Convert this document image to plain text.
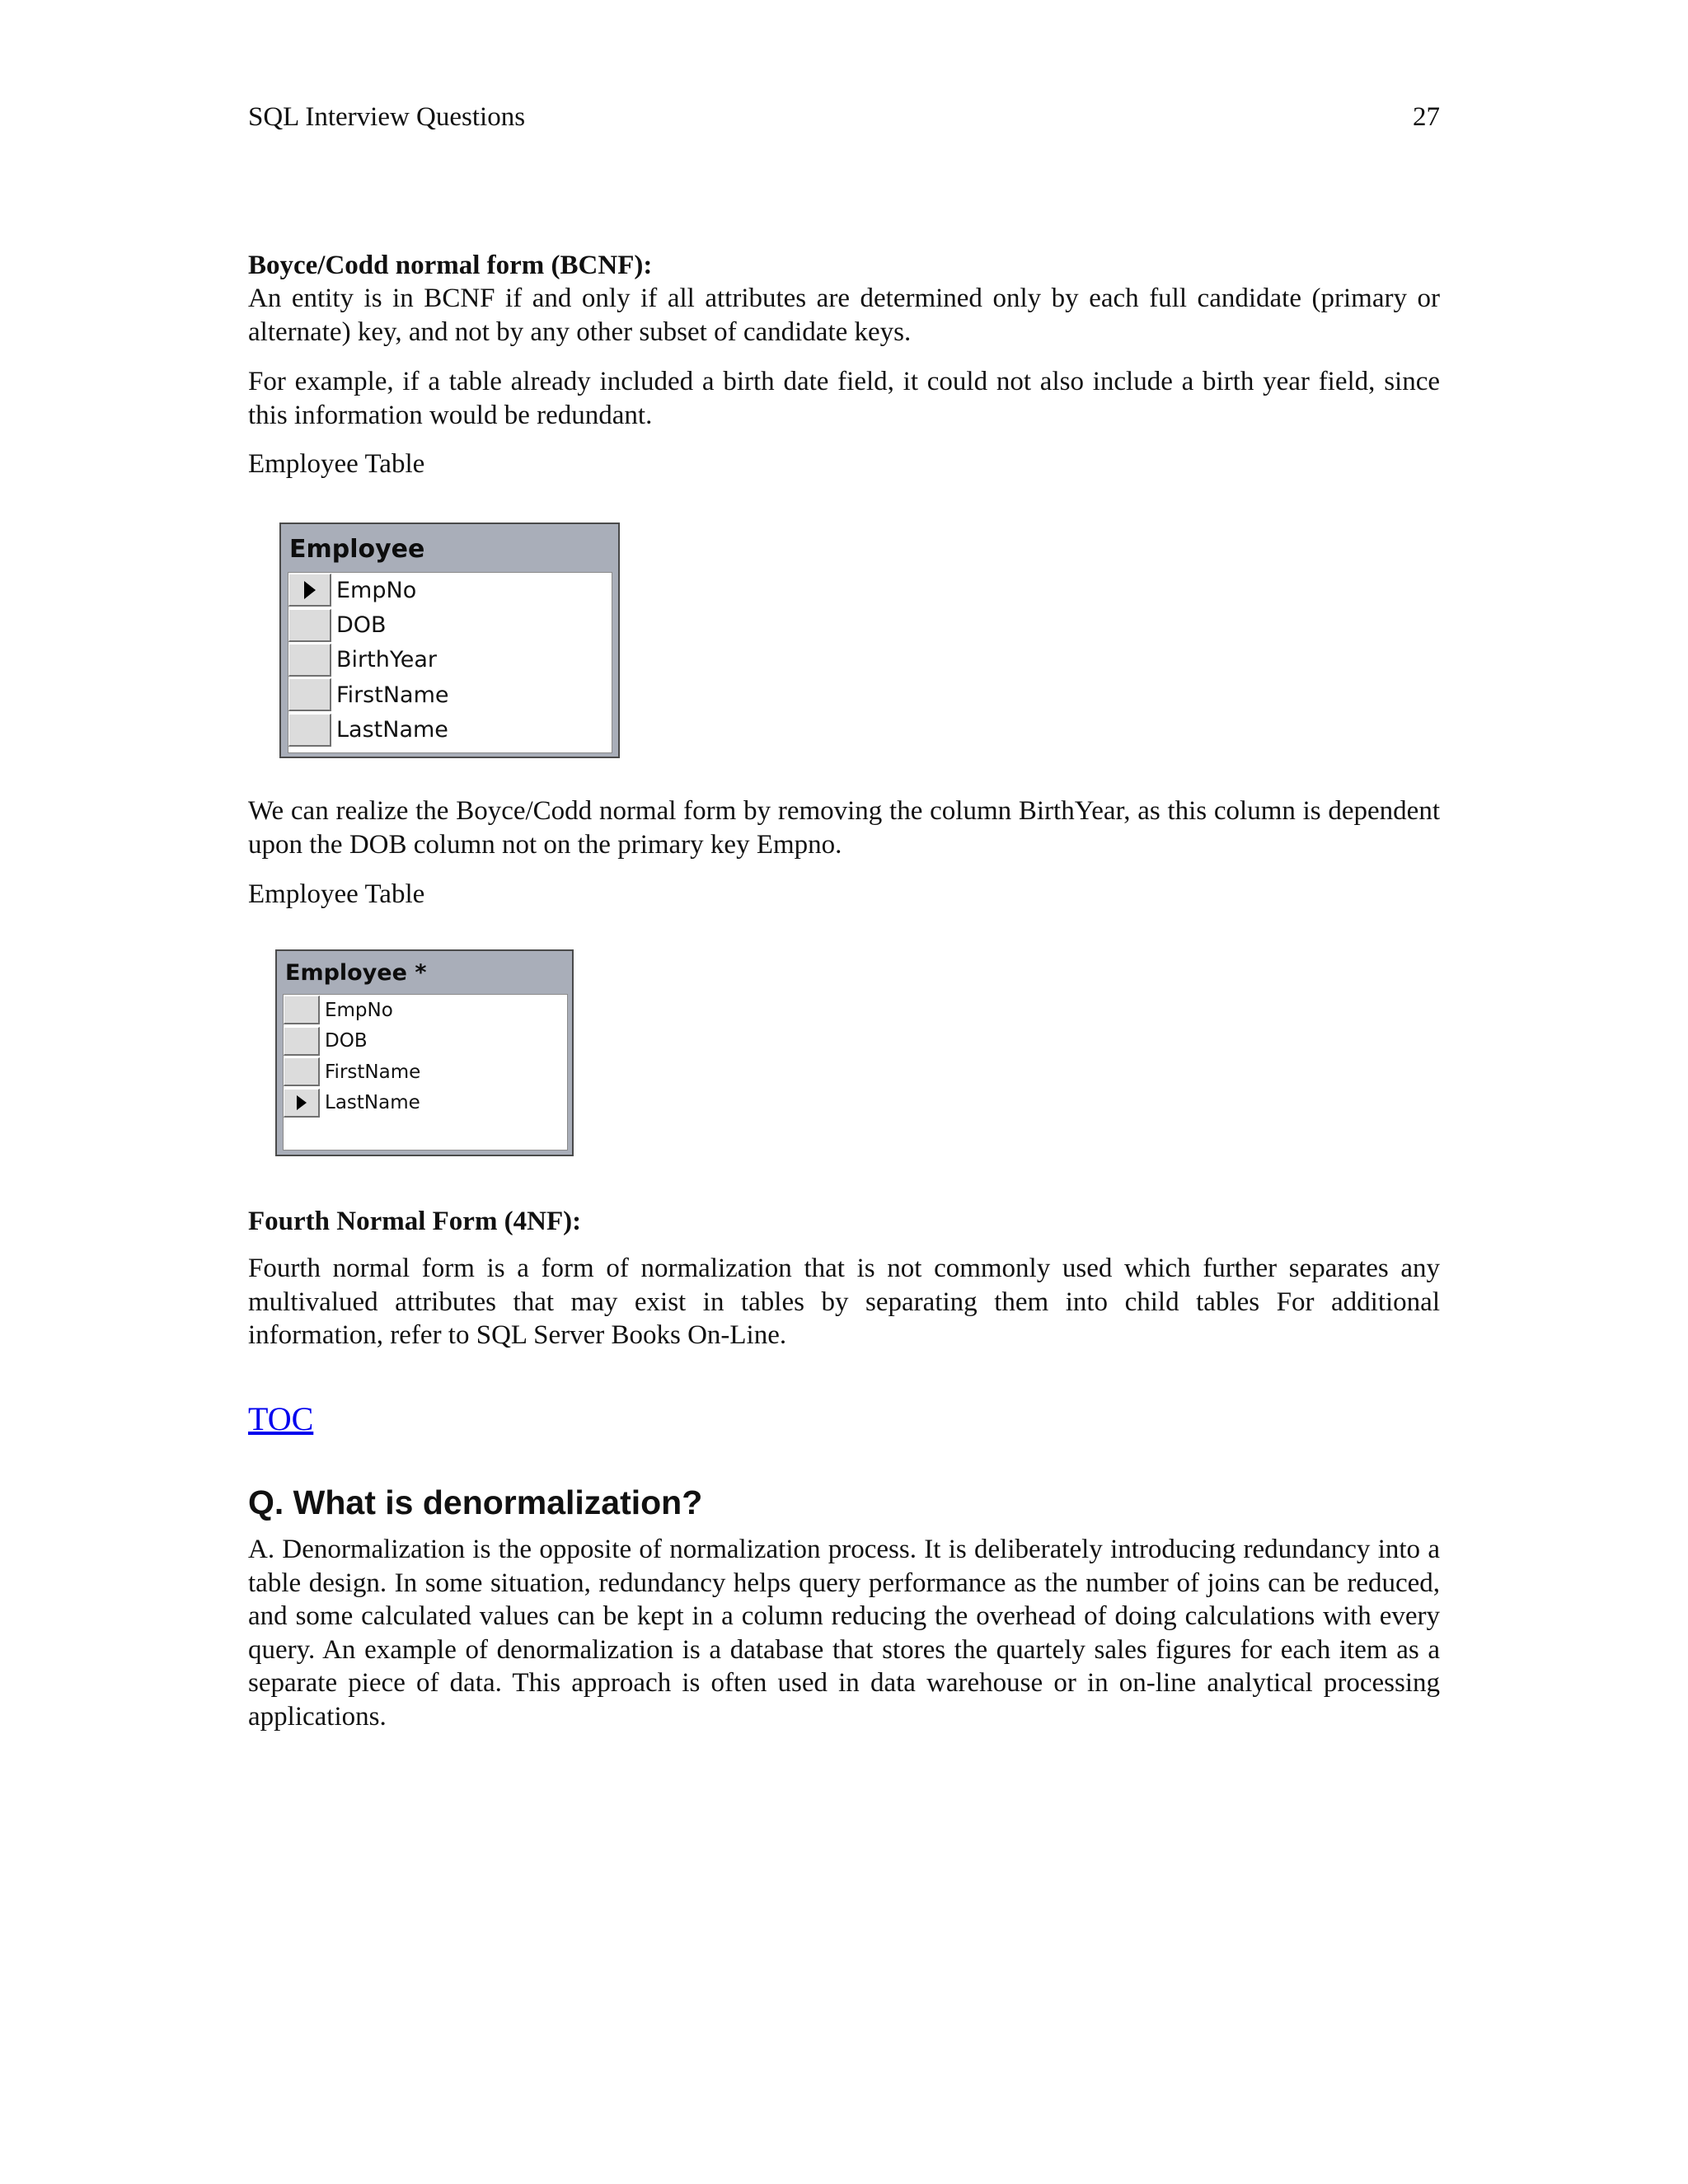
SQL Interview Questions	27
Boyce/Codd normal form (BCNF):
An entity is in BCNF if and only if all attributes are determined only by each full candidate (primary or alternate) key, and not by any other subset of candidate keys.
For example, if a table already included a birth date field, it could not also include a birth year field, since this information would be redundant.
Employee Table
Employee
EmpNo
DOB
BirthYear
FirstName
LastName
We can realize the Boyce/Codd normal form by removing the column BirthYear, as this column is dependent upon the DOB column not on the primary key Empno.
Employee Table
Employee *
EmpNo
DOB
FirstName
LastName
Fourth Normal Form (4NF):
Fourth normal form is a form of normalization that is not commonly used which further separates any multivalued attributes that may exist in tables by separating them into child tables For additional information, refer to SQL Server Books On-Line.
TOC
Q. What is denormalization?
A. Denormalization is the opposite of normalization process. It is deliberately introducing redundancy into a table design. In some situation, redundancy helps query performance as the number of joins can be reduced, and some calculated values can be kept in a column reducing the overhead of doing calculations with every query. An example of denormalization is a database that stores the quartely sales figures for each item as a separate piece of data. This approach is often used in data warehouse or in on-line analytical processing applications.
